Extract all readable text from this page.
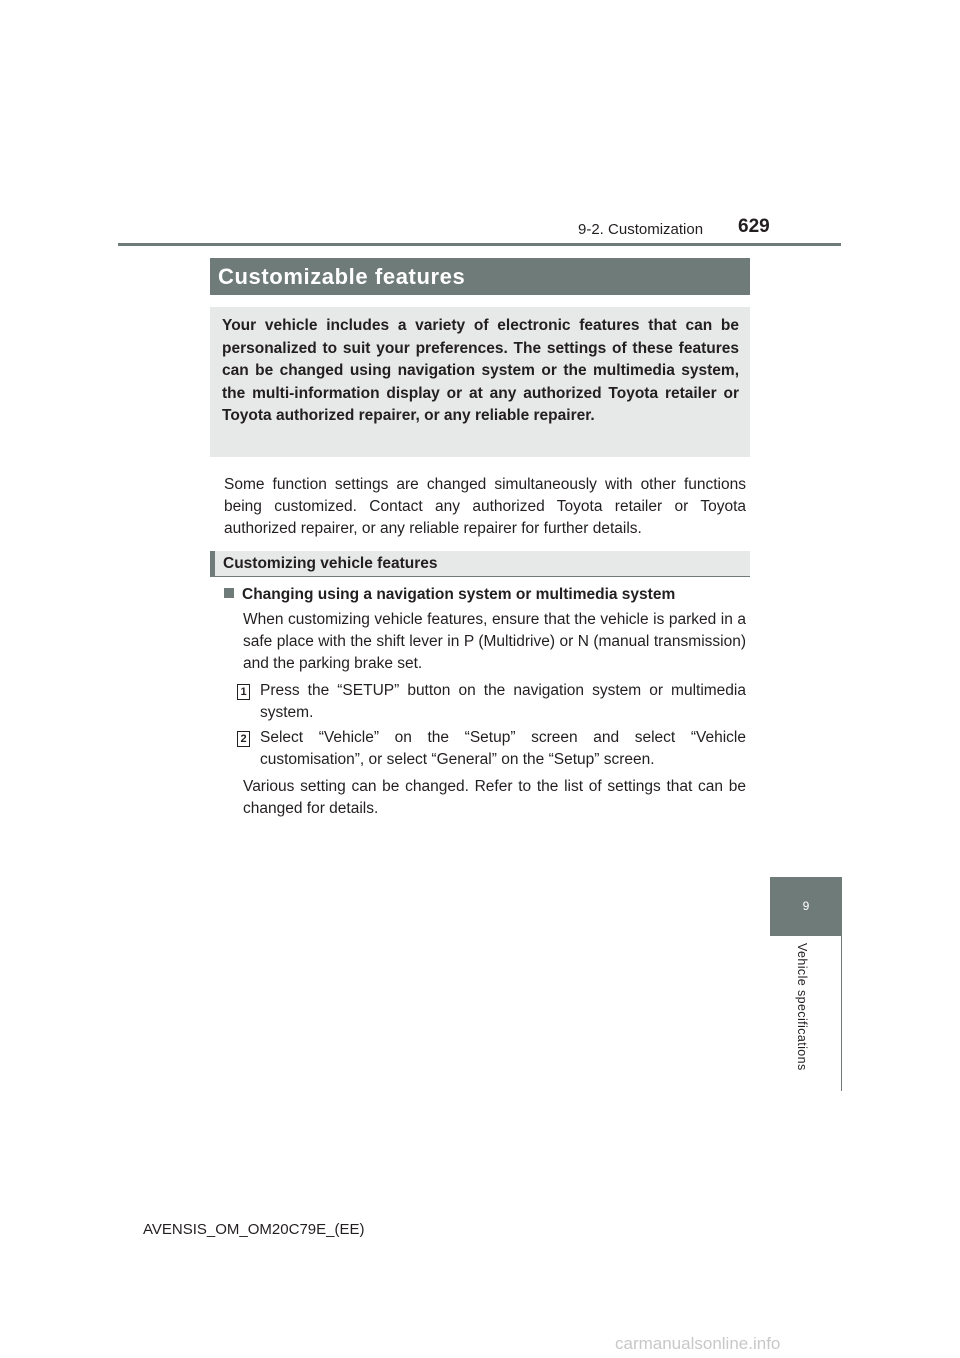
9-2. Customization 629
Customizable features

Your vehicle includes a variety of electronic features that can be personalized to suit your preferences. The settings of these features can be changed using navigation system or the multimedia system, the multi-information display or at any authorized Toyota retailer or Toyota authorized repairer, or any reliable repairer.

Some function settings are changed simultaneously with other functions being customized. Contact any authorized Toyota retailer or Toyota authorized repairer, or any reliable repairer for further details.

Customizing vehicle features
Changing using a navigation system or multimedia system

When customizing vehicle features, ensure that the vehicle is parked in a safe place with the shift lever in P (Multidrive) or N (manual transmission) and the parking brake set.

1 Press the “SETUP” button on the navigation system or multimedia system.

2 Select “Vehicle” on the “Setup” screen and select “Vehicle customisation”, or select “General” on the “Setup” screen.

Various setting can be changed. Refer to the list of settings that can be changed for details.

9
Vehicle specifications
AVENSIS_OM_OM20C79E_(EE)
carmanualsonline.info
